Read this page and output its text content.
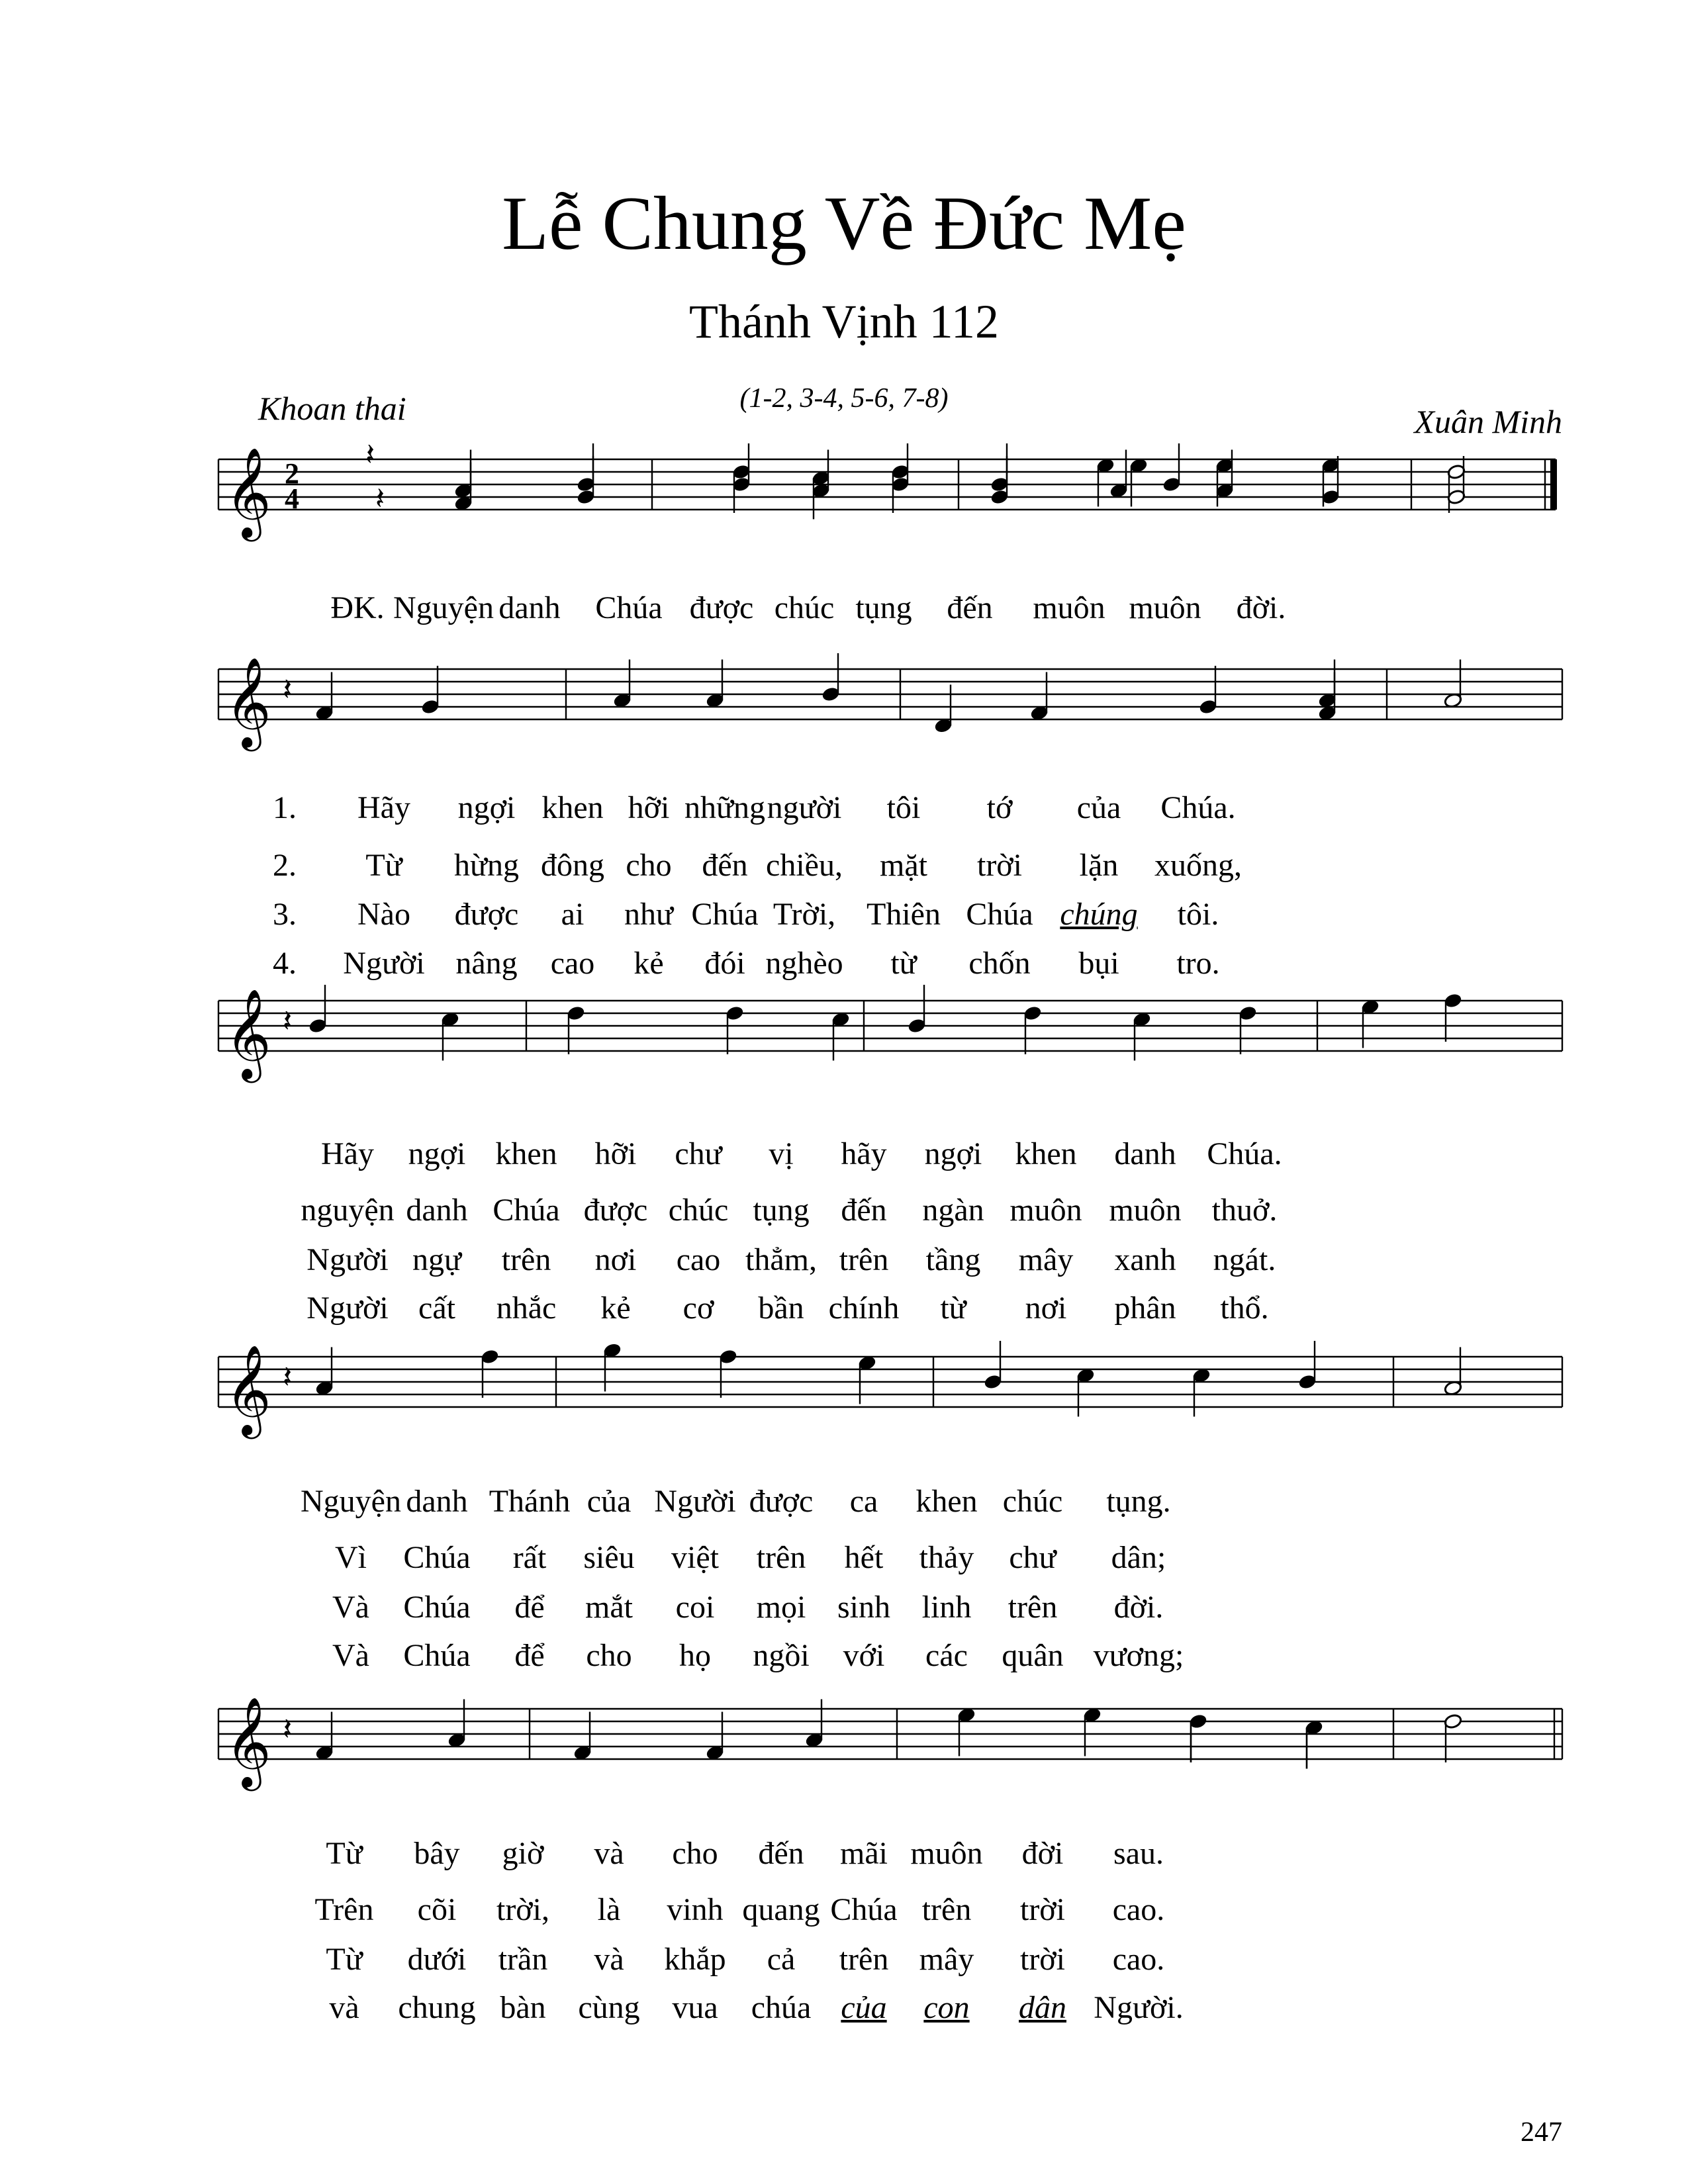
Lễ Chung Về Đức Mẹ
Thánh Vịnh 112
(1-2, 3-4, 5-6, 7-8)
Khoan thai	Xuân Minh
𝄞 2
4
𝄽
𝄽
ĐK. Nguyện danh Chúa được chúc tụng đến muôn muôn đời.
𝄞 𝄽
1. Hãy ngợi khen hỡi những người tôi tớ của Chúa.
2. Từ hừng đông cho đến chiều, mặt trời lặn xuống,
3. Nào được ai như Chúa Trời, Thiên Chúa chúng tôi.
4. Người nâng cao kẻ đói nghèo từ chốn bụi tro.
𝄞 𝄽
Hãy ngợi khen hỡi chư vị hãy ngợi khen danh Chúa.
nguyện danh Chúa được chúc tụng đến ngàn muôn muôn thuở.
Người ngự trên nơi cao thẳm, trên tầng mây xanh ngát.
Người cất nhắc kẻ cơ bần chính từ nơi phân thổ.
𝄞 𝄽
Nguyện danh Thánh của Người được ca khen chúc tụng.
Vì Chúa rất siêu việt trên hết thảy chư dân;
Và Chúa để mắt coi mọi sinh linh trên đời.
Và Chúa để cho họ ngồi với các quân vương;
𝄞 𝄽
Từ bây giờ và cho đến mãi muôn đời sau.
Trên cõi trời, là vinh quang Chúa trên trời cao.
Từ dưới trần và khắp cả trên mây trời cao.
và chung bàn cùng vua chúa của con dân Người.
247
